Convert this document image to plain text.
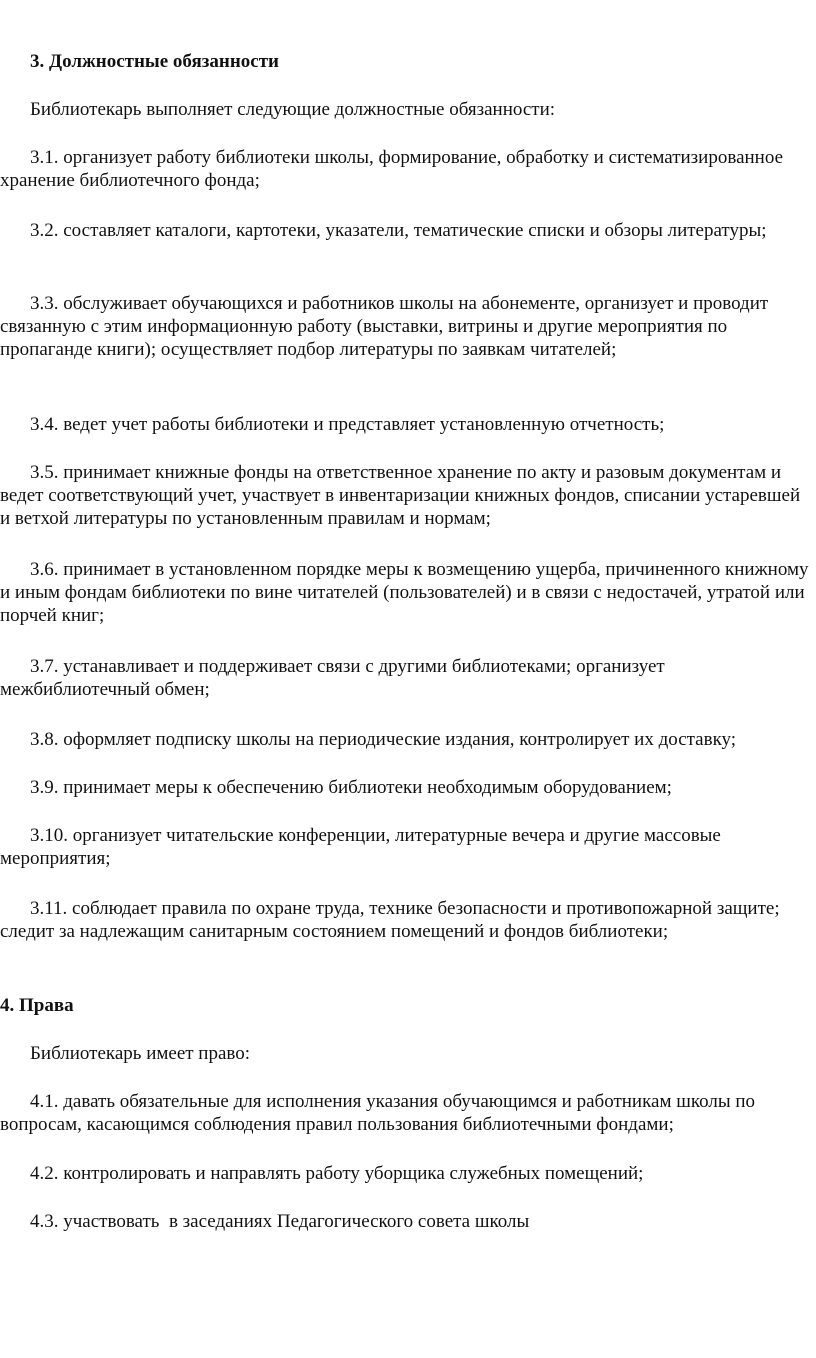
3. Должностные обязанности

Библиотекарь выполняет следующие должностные обязанности:

3.1. организует работу библиотеки школы, формирование, обработку и систематизированное хранение библиотечного фонда;

3.2. составляет каталоги, картотеки, указатели, тематические списки и обзоры литературы;

3.3. обслуживает обучающихся и работников школы на абонементе, организует и проводит связанную с этим информационную работу (выставки, витрины и другие мероприятия по пропаганде книги); осуществляет подбор литературы по заявкам читателей;

3.4. ведет учет работы библиотеки и представляет установленную отчетность;

3.5. принимает книжные фонды на ответственное хранение по акту и разовым документам и ведет соответствующий учет, участвует в инвентаризации книжных фондов, списании устаревшей и ветхой литературы по установленным правилам и нормам;

3.6. принимает в установленном порядке меры к возмещению ущерба, причиненного книжному и иным фондам библиотеки по вине читателей (пользователей) и в связи с недостачей, утратой или порчей книг;

3.7. устанавливает и поддерживает связи с другими библиотеками; организует межбиблиотечный обмен;

3.8. оформляет подписку школы на периодические издания, контролирует их доставку;

3.9. принимает меры к обеспечению библиотеки необходимым оборудованием;

3.10. организует читательские конференции, литературные вечера и другие массовые мероприятия;

3.11. соблюдает правила по охране труда, технике безопасности и противопожарной защите; следит за надлежащим санитарным состоянием помещений и фондов библиотеки;

4. Права

Библиотекарь имеет право:

4.1. давать обязательные для исполнения указания обучающимся и работникам школы по вопросам, касающимся соблюдения правил пользования библиотечными фондами;

4.2. контролировать и направлять работу уборщика служебных помещений;

4.3. участвовать  в заседаниях Педагогического совета школы
